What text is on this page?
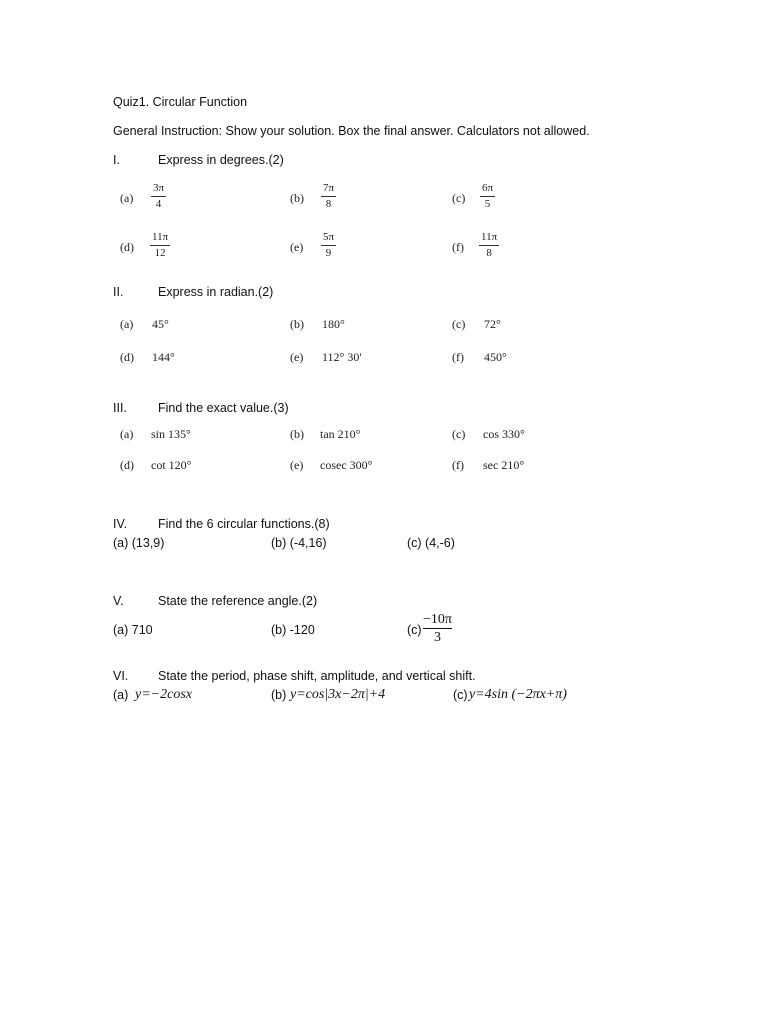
Quiz1. Circular Function
General Instruction: Show your solution. Box the final answer. Calculators not allowed.
I.	Express in degrees.(2)
(a)
3π
4	(b)
7π
8	(c)
6π
5
(d)
11π
12	(e)
5π
9	(f)
11π
8
II.	Express in radian.(2)
(a) 45°	(b) 180°	(c) 72°
(d) 144°	(e) 112° 30'	(f) 450°
III. Find the exact value.(3)
(a) sin 135°	(b) tan 210°	(c) cos 330°
(d) cot 120°	(e) cosec 300°	(f) sec 210°
IV. Find the 6 circular functions.(8)
(a) (13,9)	(b) (-4,16)	(c) (4,-6)
V.	State the reference angle.(2)
(a) 710	(b) -120	(c)
−10π
3
VI. State the period, phase shift, amplitude, and vertical shift.
(a) y=−2cosx	(b) y=cos|3x−2π|+4	(c) y=4sin (−2πx+π)
